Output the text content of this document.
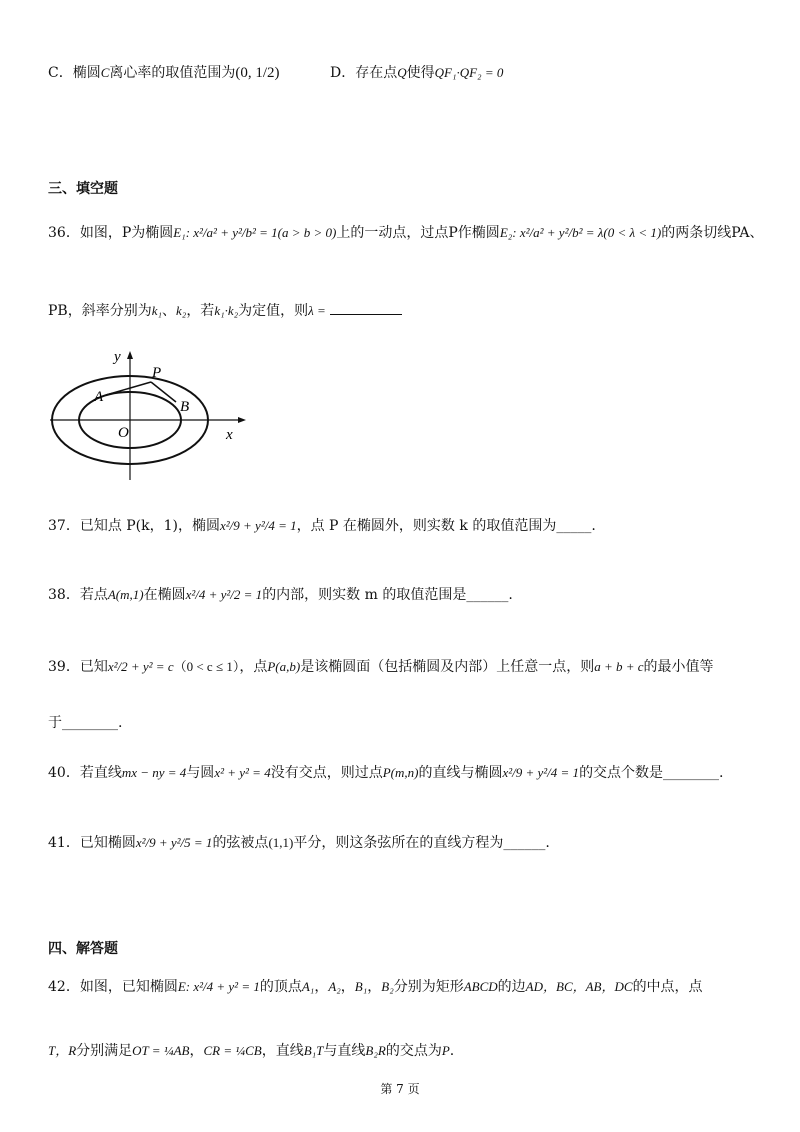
C．椭圆C离心率的取值范围为(0, 1/2)	D．存在点Q使得QF₁·QF₂ = 0
三、填空题
36．如图，P为椭圆E₁: x²/a² + y²/b² = 1(a > b > 0)上的一动点，过点P作椭圆E₂: x²/a² + y²/b² = λ(0 < λ < 1)的两条切线PA、
PB，斜率分别为k₁、k₂，若k₁·k₂为定值，则λ =
y
x
O
P
A
B
37．已知点 P(k，1)，椭圆x²/9 + y²/4 = 1，点 P 在椭圆外，则实数 k 的取值范围为_____.
38．若点A(m,1)在椭圆x²/4 + y²/2 = 1的内部，则实数 m 的取值范围是______.
39．已知x²/2 + y² = c（0 < c ≤ 1），点P(a,b)是该椭圆面（包括椭圆及内部）上任意一点，则a + b + c的最小值等
于________.
40．若直线mx − ny = 4与圆x² + y² = 4没有交点，则过点P(m,n)的直线与椭圆x²/9 + y²/4 = 1的交点个数是________.
41．已知椭圆x²/9 + y²/5 = 1的弦被点(1,1)平分，则这条弦所在的直线方程为______.
四、解答题
42．如图，已知椭圆E: x²/4 + y² = 1的顶点A₁，A₂，B₁，B₂分别为矩形ABCD的边AD，BC，AB，DC的中点，点
T，R分别满足OT = ¼AB，CR = ¼CB，直线B₁T与直线B₂R的交点为P.
第 7 页
